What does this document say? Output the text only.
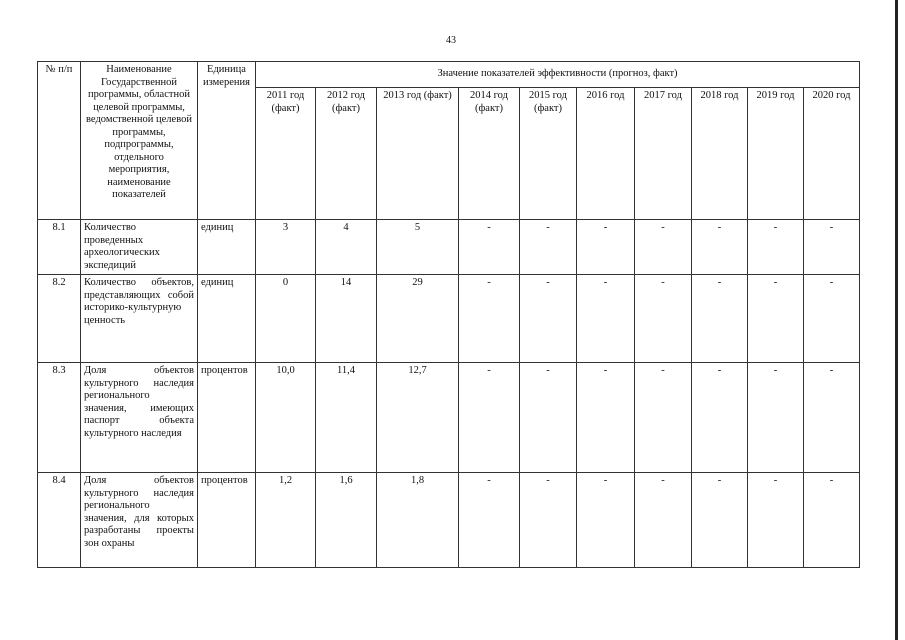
43
№ п/п	Наименование Государственной программы, областной целевой программы, ведомственной целевой программы, подпрограммы, отдельного мероприятия, наименование показателей	Единица измерения	Значение показателей эффективности (прогноз, факт)									
			2011 год (факт)	2012 год (факт)	2013 год (факт)	2014 год (факт)	2015 год (факт)	2016 год	2017 год	2018 год	2019 год	2020 год
8.1	Количество проведенных археологических экспедиций	единиц	3	4	5	-	-	-	-	-	-	-
8.2	Количество объектов, представляющих собой историко-культурную ценность	единиц	0	14	29	-	-	-	-	-	-	-
8.3	Доля объектов культурного наследия регионального значения, имеющих паспорт объекта культурного наследия	процентов	10,0	11,4	12,7	-	-	-	-	-	-	-
8.4	Доля объектов культурного наследия регионального значения, для которых разработаны проекты зон охраны	процентов	1,2	1,6	1,8	-	-	-	-	-	-	-
